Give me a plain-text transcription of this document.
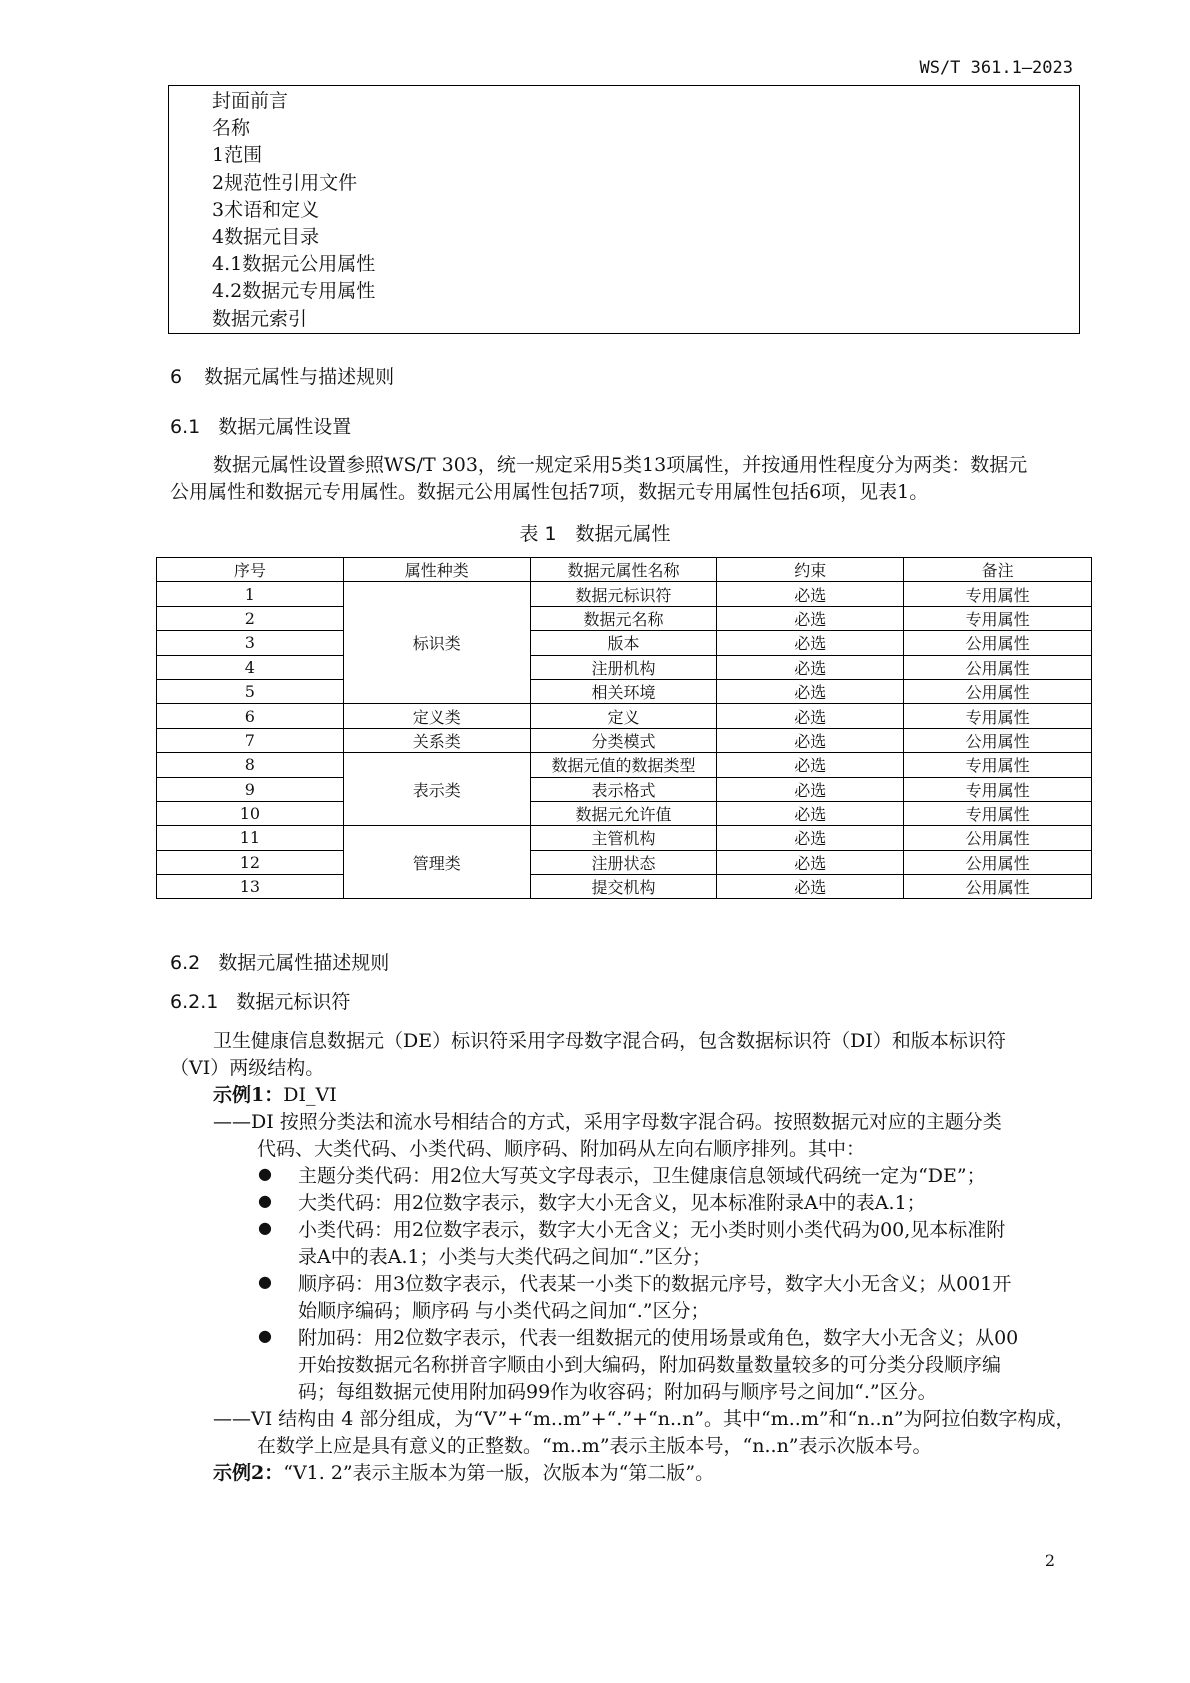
WS/T 361.1—2023
封面前言
名称
1范围
2规范性引用文件
3术语和定义
4数据元目录
4.1数据元公用属性
4.2数据元专用属性
数据元索引
6 数据元属性与描述规则
6.1 数据元属性设置
数据元属性设置参照WS/T 303，统一规定采用5类13项属性，并按通用性程度分为两类：数据元
公用属性和数据元专用属性。数据元公用属性包括7项，数据元专用属性包括6项，见表1。
表 1　数据元属性
序号	属性种类	数据元属性名称	约束	备注
1	标识类	数据元标识符	必选	专用属性
2		数据元名称	必选	专用属性
3		版本	必选	公用属性
4		注册机构	必选	公用属性
5		相关环境	必选	公用属性
6	定义类	定义	必选	专用属性
7	关系类	分类模式	必选	公用属性
8	表示类	数据元值的数据类型	必选	专用属性
9		表示格式	必选	专用属性
10		数据元允许值	必选	专用属性
11	管理类	主管机构	必选	公用属性
12		注册状态	必选	公用属性
13		提交机构	必选	公用属性
6.2 数据元属性描述规则
6.2.1 数据元标识符
卫生健康信息数据元（DE）标识符采用字母数字混合码，包含数据标识符（DI）和版本标识符
（VI）两级结构。
示例1：DI_VI
——DI 按照分类法和流水号相结合的方式，采用字母数字混合码。按照数据元对应的主题分类
代码、大类代码、小类代码、顺序码、附加码从左向右顺序排列。其中：
● 主题分类代码：用2位大写英文字母表示，卫生健康信息领域代码统一定为“DE”；
● 大类代码：用2位数字表示，数字大小无含义，见本标准附录A中的表A.1；
● 小类代码：用2位数字表示，数字大小无含义；无小类时则小类代码为00,见本标准附
录A中的表A.1；小类与大类代码之间加“.”区分；
● 顺序码：用3位数字表示，代表某一小类下的数据元序号，数字大小无含义；从001开
始顺序编码；顺序码 与小类代码之间加“.”区分；
● 附加码：用2位数字表示，代表一组数据元的使用场景或角色，数字大小无含义；从00
开始按数据元名称拼音字顺由小到大编码，附加码数量数量较多的可分类分段顺序编
码；每组数据元使用附加码99作为收容码；附加码与顺序号之间加“.”区分。
——VI 结构由 4 部分组成，为“V”+“m..m”+“.”+“n..n”。其中“m..m”和“n..n”为阿拉伯数字构成，
在数学上应是具有意义的正整数。“m..m”表示主版本号，“n..n”表示次版本号。
示例2：“V1. 2”表示主版本为第一版，次版本为“第二版”。
2
